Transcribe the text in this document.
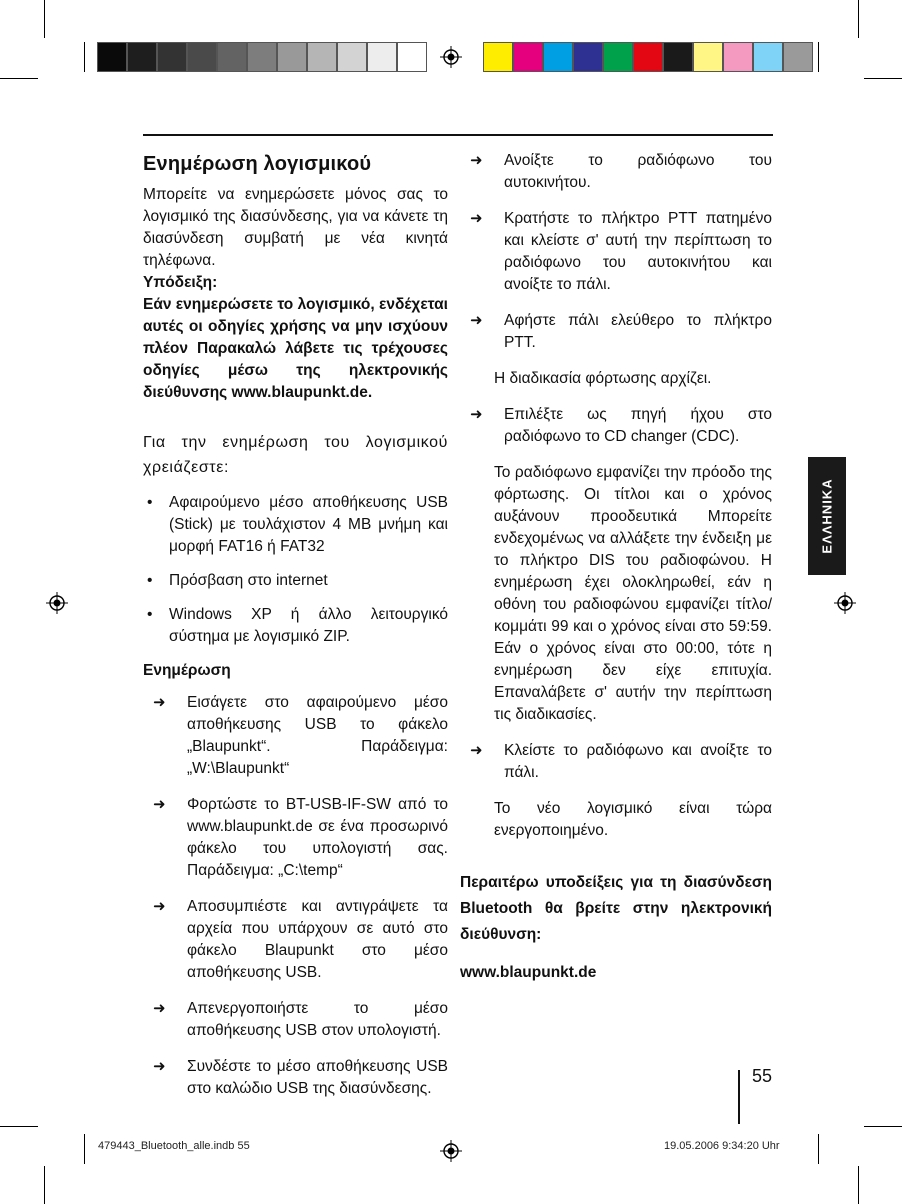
Ενημέρωση λογισμικού

Μπορείτε να ενημερώσετε μόνος σας το λογισμικό της διασύνδεσης, για να κάνετε τη διασύνδεση συμβατή με νέα κινητά τηλέφωνα.

Υπόδειξη:

Εάν ενημερώσετε το λογισμικό, ενδέχεται αυτές οι οδηγίες χρήσης να μην ισχύουν πλέον Παρακαλώ λάβετε τις τρέχουσες οδηγίες μέσω της ηλεκτρονικής διεύθυνσης www.blaupunkt.de.

Για την ενημέρωση του λογισμικού χρειάζεστε:

•	Αφαιρούμενο μέσο αποθήκευσης USB (Stick) με τουλάχιστον 4 MB μνήμη και μορφή FAT16 ή FAT32
•	Πρόσβαση στο internet
•	Windows XP ή άλλο λειτουργικό σύστημα με λογισμικό ZIP.
Ενημέρωση
➜	Εισάγετε στο αφαιρούμενο μέσο αποθήκευσης USB το φάκελο „Blaupunkt“. Παράδειγμα: „W:\Blaupunkt“
➜	Φορτώστε το BT-USB-IF-SW από το www.blaupunkt.de σε ένα προσωρινό φάκελο του υπολογιστή σας. Παράδειγμα: „C:\temp“
➜	Αποσυμπιέστε και αντιγράψετε τα αρχεία που υπάρχουν σε αυτό στο φάκελο Blaupunkt στο μέσο αποθήκευσης USB.
➜	Απενεργοποιήστε το μέσο αποθήκευσης USB στον υπολογιστή.
➜	Συνδέστε το μέσο αποθήκευσης USB στο καλώδιο USB της διασύνδεσης.
➜	Ανοίξτε το ραδιόφωνο του αυτοκινήτου.
➜	Κρατήστε το πλήκτρο PTT πατημένο και κλείστε σ' αυτή την περίπτωση το ραδιόφωνο του αυτοκινήτου και ανοίξτε το πάλι.
➜	Αφήστε πάλι ελεύθερο το πλήκτρο PTT.

Η διαδικασία φόρτωσης αρχίζει.

➜	Επιλέξτε ως πηγή ήχου στο ραδιόφωνο το CD changer (CDC).

Το ραδιόφωνο εμφανίζει την πρόοδο της φόρτωσης. Οι τίτλοι και ο χρόνος αυξάνουν προοδευτικά Μπορείτε ενδεχομένως να αλλάξετε την ένδειξη με το πλήκτρο DIS του ραδιοφώνου. Η ενημέρωση έχει ολοκληρωθεί, εάν η οθόνη του ραδιοφώνου εμφανίζει τίτλο/κομμάτι 99 και ο χρόνος είναι στο 59:59. Εάν ο χρόνος είναι στο 00:00, τότε η ενημέρωση δεν είχε επιτυχία. Επαναλάβετε σ' αυτήν την περίπτωση τις διαδικασίες.

➜	Κλείστε το ραδιόφωνο και ανοίξτε το πάλι.

Το νέο λογισμικό είναι τώρα ενεργοποιημένο.

Περαιτέρω υποδείξεις για τη διασύνδεση Bluetooth θα βρείτε στην ηλεκτρονική διεύθυνση:

www.blaupunkt.de
ΕΛΛΗΝΙΚΑ
55
479443_Bluetooth_alle.indb 55	19.05.2006 9:34:20 Uhr
